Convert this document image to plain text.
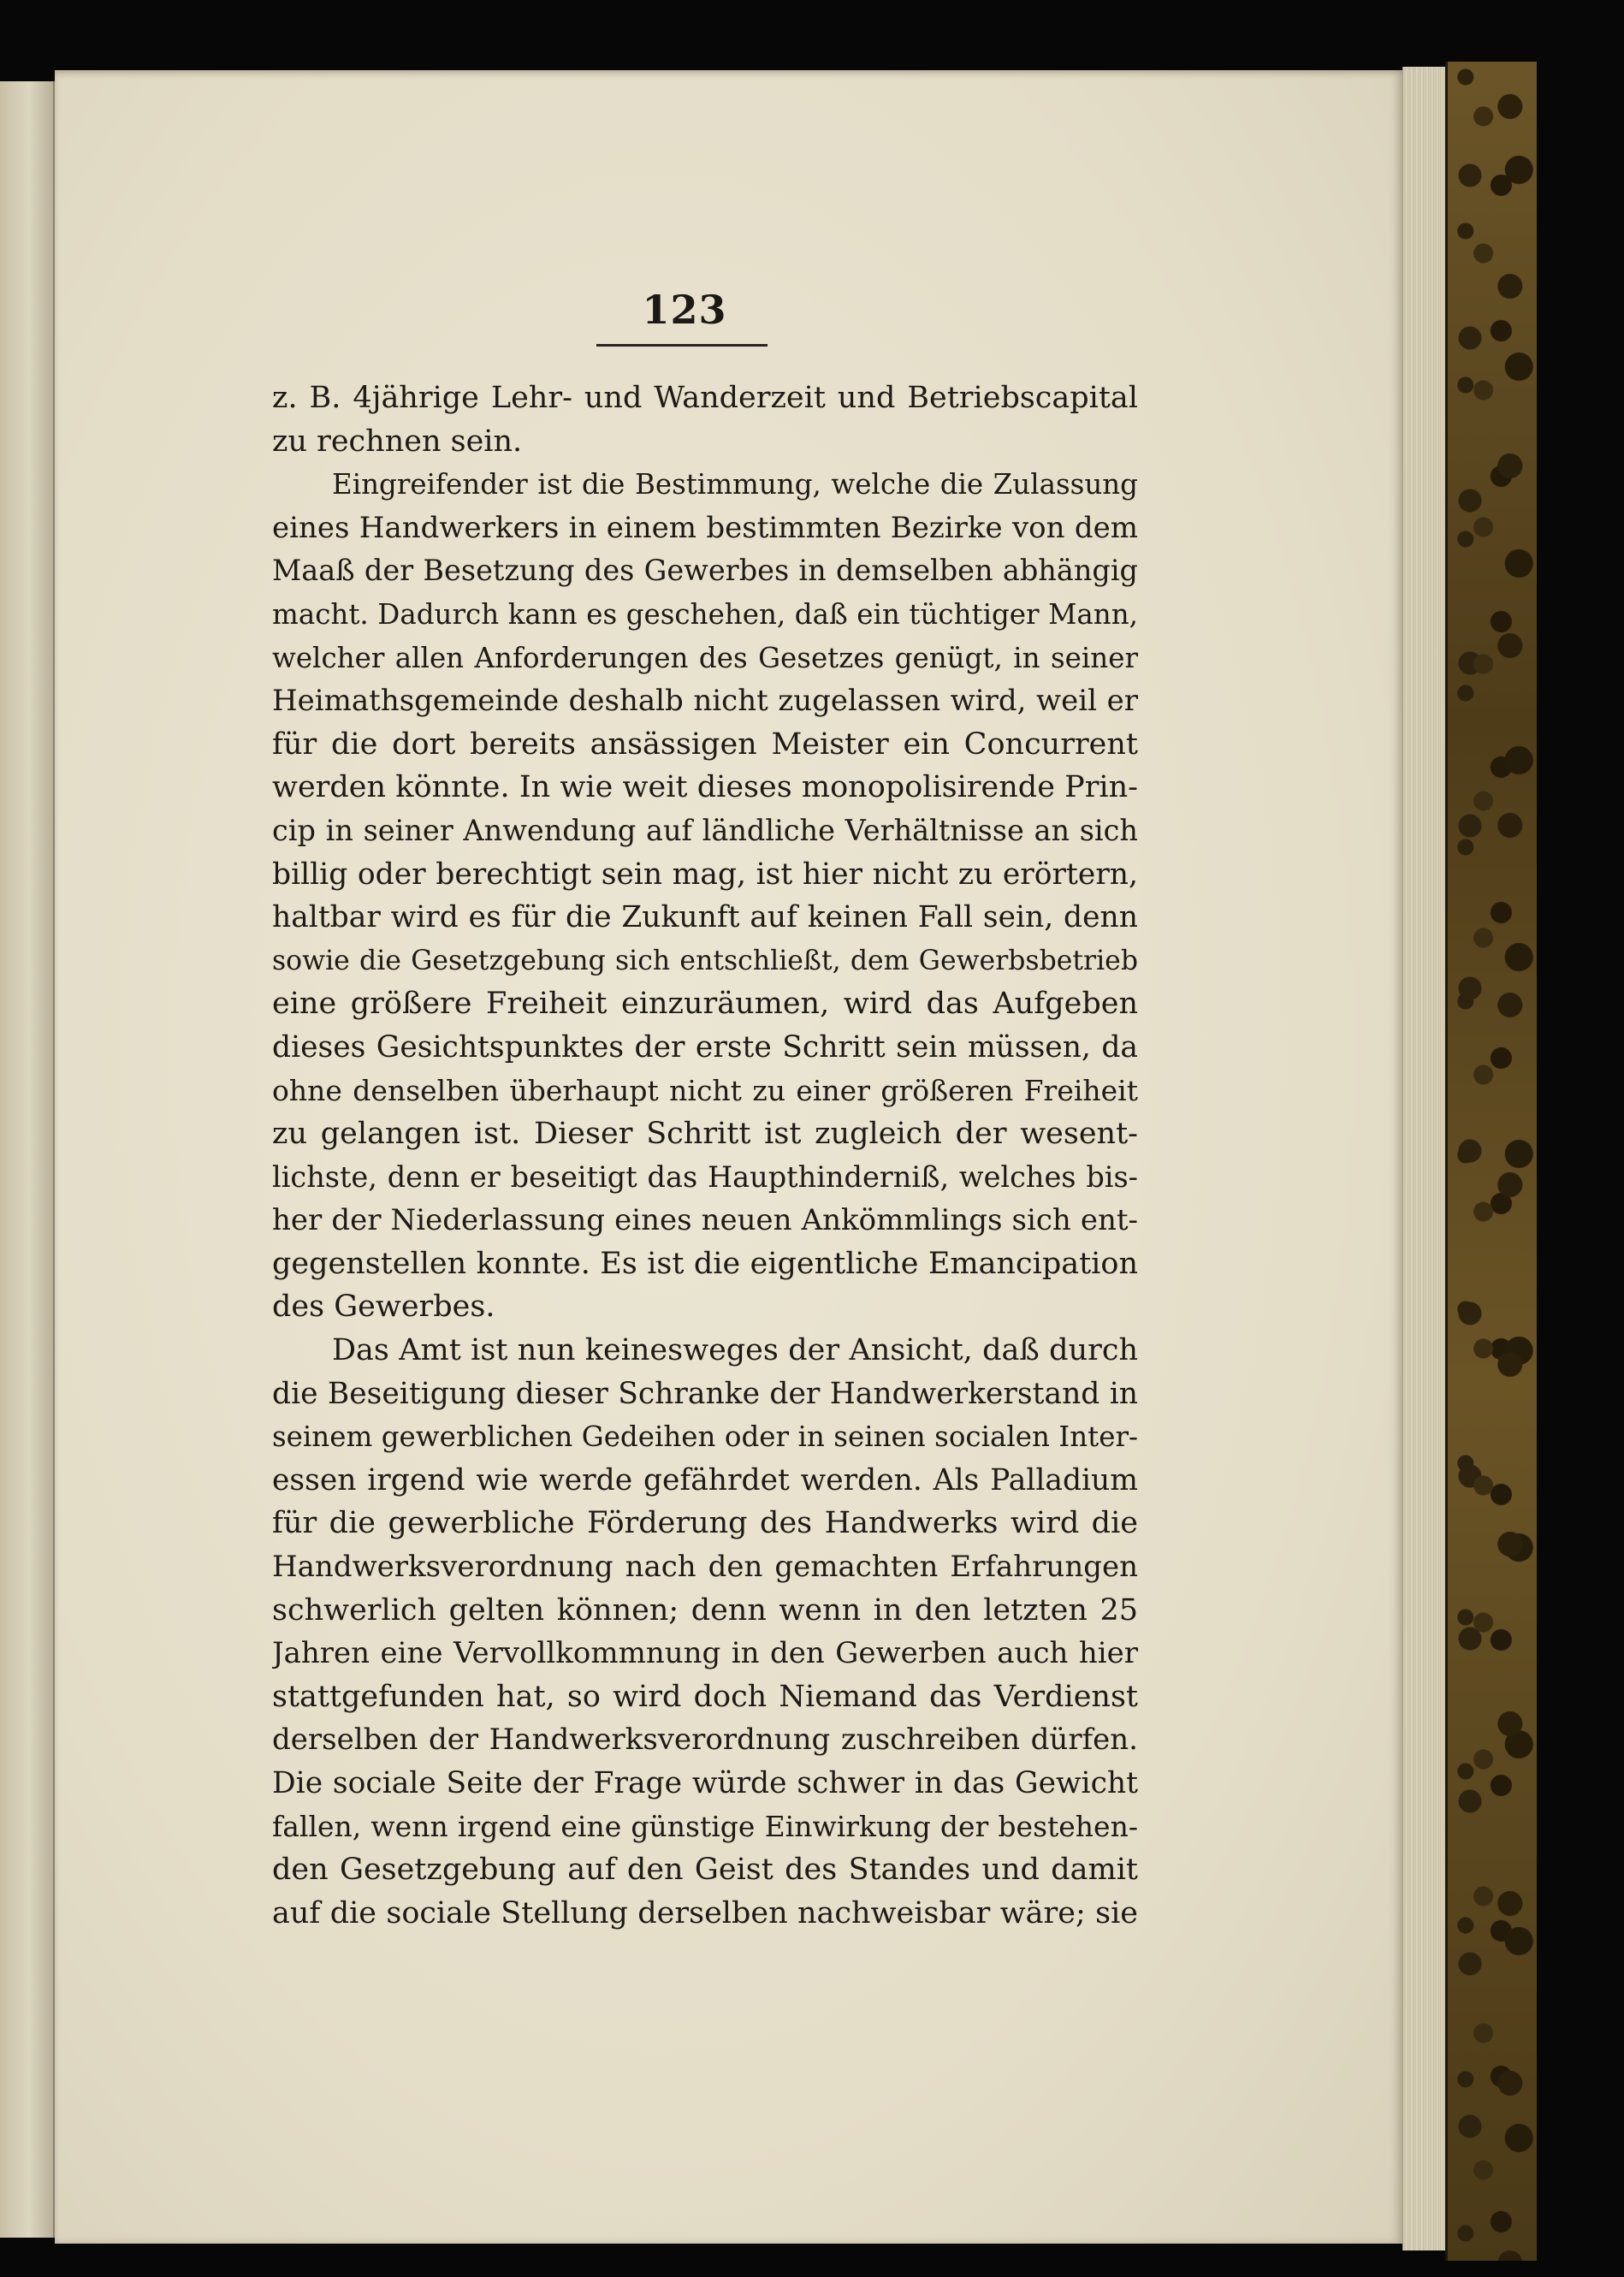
123
z. B. 4jährige Lehr- und Wanderzeit und Betriebscapital
zu rechnen sein.
Eingreifender ist die Bestimmung, welche die Zulassung
eines Handwerkers in einem bestimmten Bezirke von dem
Maaß der Besetzung des Gewerbes in demselben abhängig
macht. Dadurch kann es geschehen, daß ein tüchtiger Mann,
welcher allen Anforderungen des Gesetzes genügt, in seiner
Heimathsgemeinde deshalb nicht zugelassen wird, weil er
für die dort bereits ansässigen Meister ein Concurrent
werden könnte. In wie weit dieses monopolisirende Prin-
cip in seiner Anwendung auf ländliche Verhältnisse an sich
billig oder berechtigt sein mag, ist hier nicht zu erörtern,
haltbar wird es für die Zukunft auf keinen Fall sein, denn
sowie die Gesetzgebung sich entschließt, dem Gewerbsbetrieb
eine größere Freiheit einzuräumen, wird das Aufgeben
dieses Gesichtspunktes der erste Schritt sein müssen, da
ohne denselben überhaupt nicht zu einer größeren Freiheit
zu gelangen ist. Dieser Schritt ist zugleich der wesent-
lichste, denn er beseitigt das Haupthinderniß, welches bis-
her der Niederlassung eines neuen Ankömmlings sich ent-
gegenstellen konnte. Es ist die eigentliche Emancipation
des Gewerbes.
Das Amt ist nun keinesweges der Ansicht, daß durch
die Beseitigung dieser Schranke der Handwerkerstand in
seinem gewerblichen Gedeihen oder in seinen socialen Inter-
essen irgend wie werde gefährdet werden. Als Palladium
für die gewerbliche Förderung des Handwerks wird die
Handwerksverordnung nach den gemachten Erfahrungen
schwerlich gelten können; denn wenn in den letzten 25
Jahren eine Vervollkommnung in den Gewerben auch hier
stattgefunden hat, so wird doch Niemand das Verdienst
derselben der Handwerksverordnung zuschreiben dürfen.
Die sociale Seite der Frage würde schwer in das Gewicht
fallen, wenn irgend eine günstige Einwirkung der bestehen-
den Gesetzgebung auf den Geist des Standes und damit
auf die sociale Stellung derselben nachweisbar wäre; sie
